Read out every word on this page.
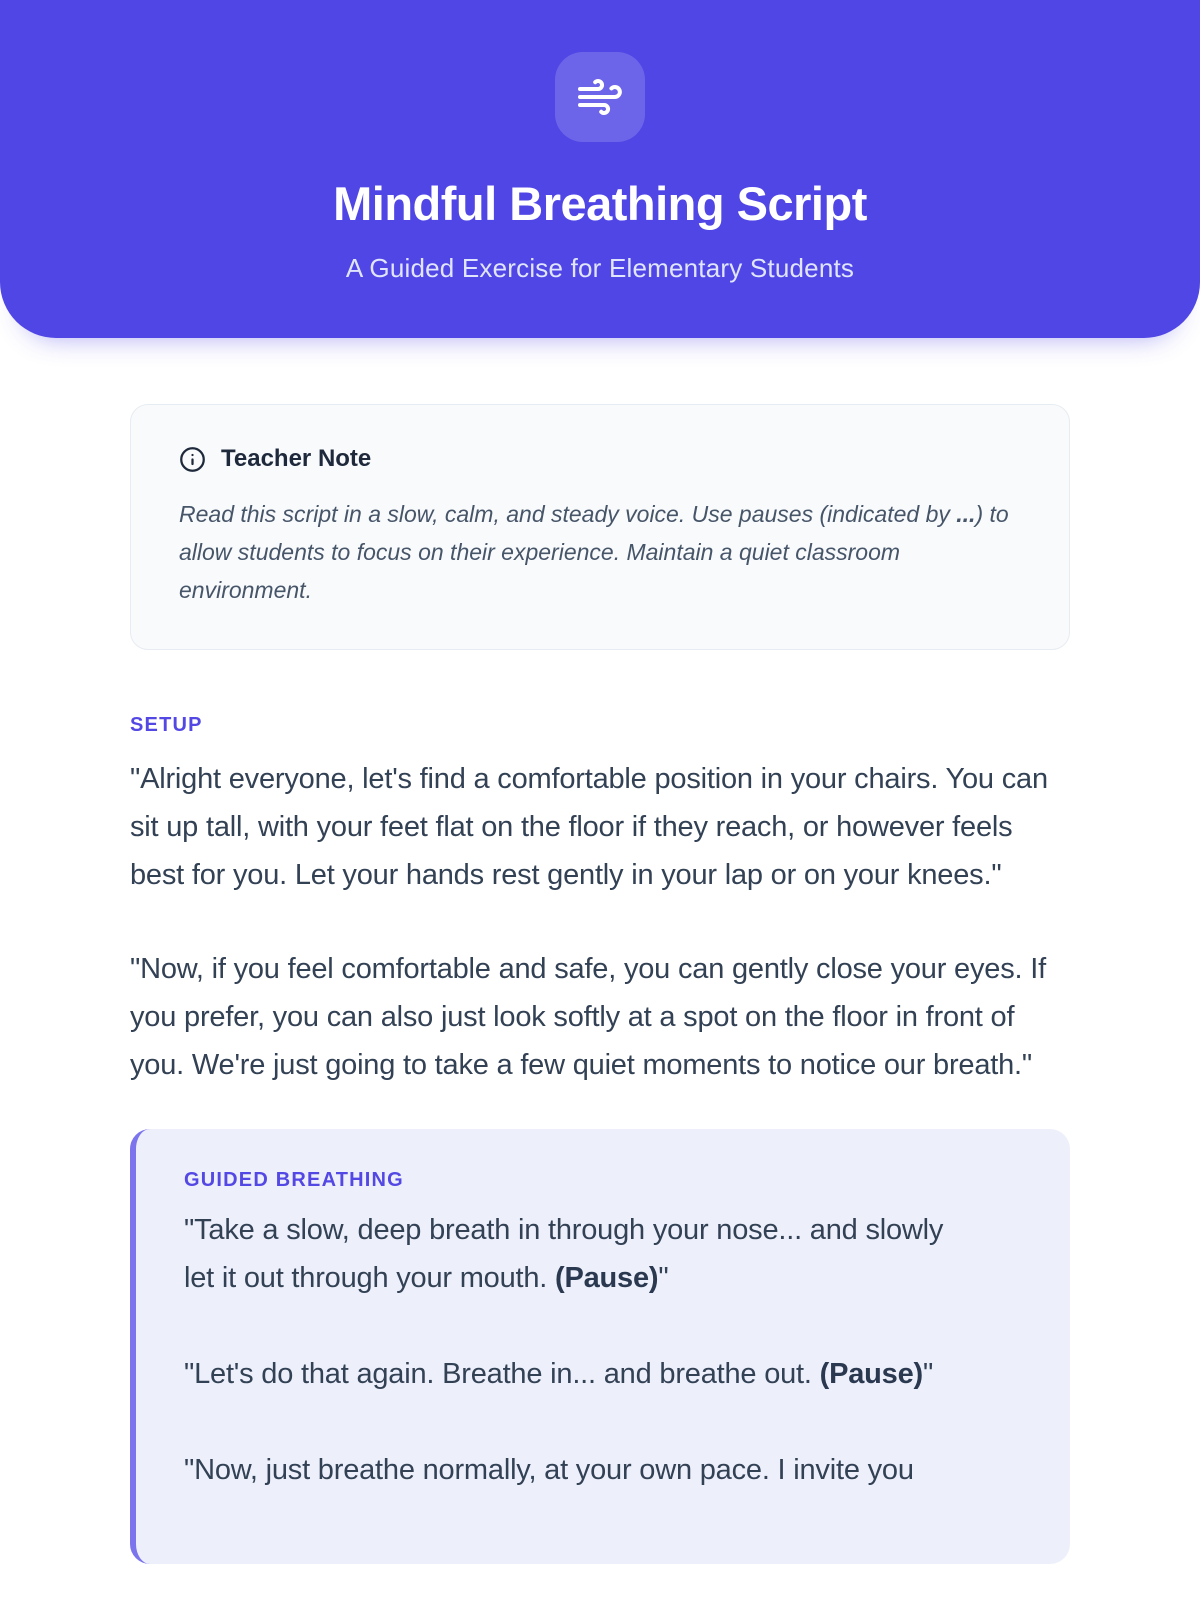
Mindful Breathing Script
A Guided Exercise for Elementary Students
Teacher Note

Read this script in a slow, calm, and steady voice. Use pauses (indicated by ...) to allow students to focus on their experience. Maintain a quiet classroom environment.

SETUP

"Alright everyone, let's find a comfortable position in your chairs. You can sit up tall, with your feet flat on the floor if they reach, or however feels best for you. Let your hands rest gently in your lap or on your knees."

"Now, if you feel comfortable and safe, you can gently close your eyes. If you prefer, you can also just look softly at a spot on the floor in front of you. We're just going to take a few quiet moments to notice our breath."

GUIDED BREATHING

"Take a slow, deep breath in through your nose... and slowly let it out through your mouth. (Pause)"

"Let's do that again. Breathe in... and breathe out. (Pause)"

"Now, just breathe normally, at your own pace. I invite you
